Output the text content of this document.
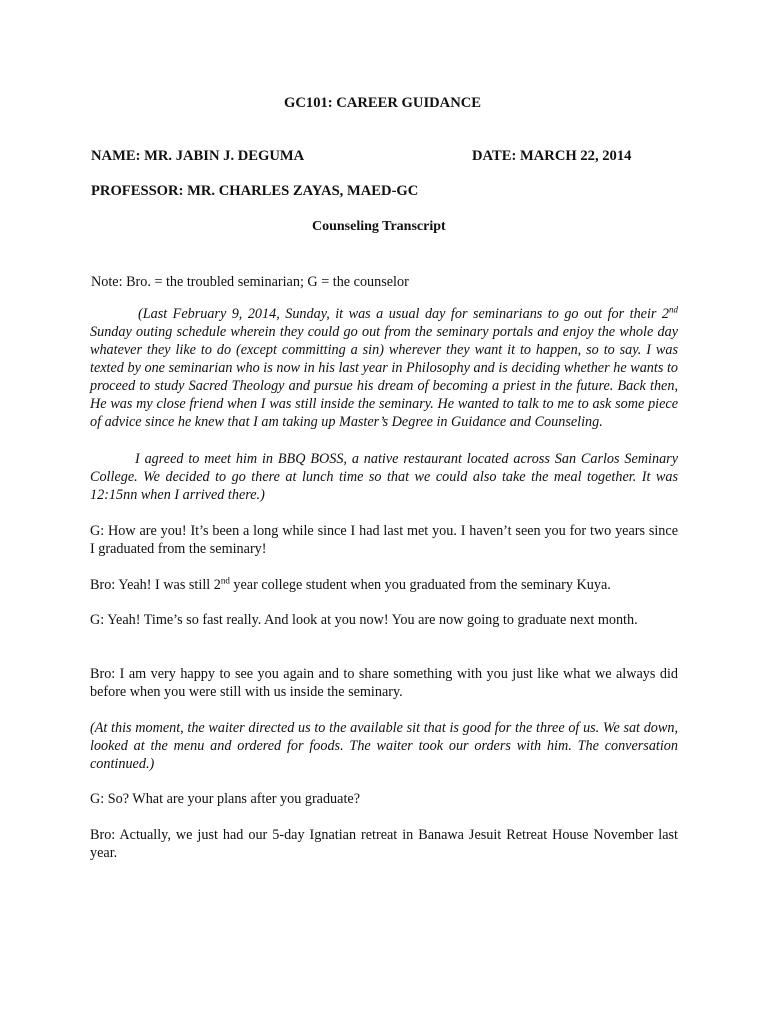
GC101: CAREER GUIDANCE
NAME: MR. JABIN J. DEGUMA	DATE: MARCH 22, 2014
PROFESSOR: MR. CHARLES ZAYAS, MAED-GC
Counseling Transcript
Note: Bro. = the troubled seminarian; G = the counselor
(Last February 9, 2014, Sunday, it was a usual day for seminarians to go out for their 2nd Sunday outing schedule wherein they could go out from the seminary portals and enjoy the whole day whatever they like to do (except committing a sin) wherever they want it to happen, so to say. I was texted by one seminarian who is now in his last year in Philosophy and is deciding whether he wants to proceed to study Sacred Theology and pursue his dream of becoming a priest in the future. Back then, He was my close friend when I was still inside the seminary. He wanted to talk to me to ask some piece of advice since he knew that I am taking up Master’s Degree in Guidance and Counseling.
I agreed to meet him in BBQ BOSS, a native restaurant located across San Carlos Seminary College. We decided to go there at lunch time so that we could also take the meal together. It was 12:15nn when I arrived there.)
G: How are you! It’s been a long while since I had last met you. I haven’t seen you for two years since I graduated from the seminary!
Bro: Yeah! I was still 2nd year college student when you graduated from the seminary Kuya.
G: Yeah! Time’s so fast really. And look at you now! You are now going to graduate next month.
Bro: I am very happy to see you again and to share something with you just like what we always did before when you were still with us inside the seminary.
(At this moment, the waiter directed us to the available sit that is good for the three of us. We sat down, looked at the menu and ordered for foods. The waiter took our orders with him. The conversation continued.)
G: So? What are your plans after you graduate?
Bro: Actually, we just had our 5-day Ignatian retreat in Banawa Jesuit Retreat House November last year.
